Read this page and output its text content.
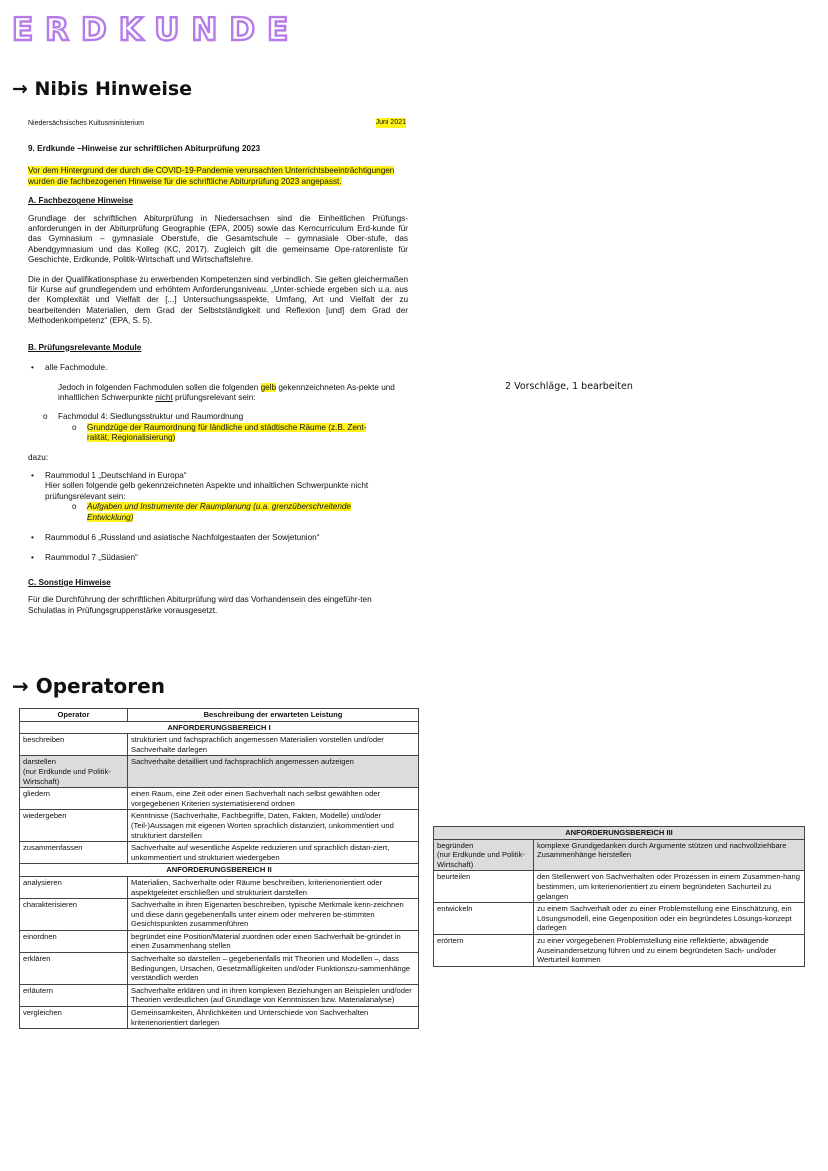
ERDKUNDE
→ Nibis Hinweise
Niedersächsisches Kultusministerium	Juni 2021
9. Erdkunde –Hinweise zur schriftlichen Abiturprüfung 2023
Vor dem Hintergrund der durch die COVID-19-Pandemie verursachten Unterrichtsbeeinträchtigungen wurden die fachbezogenen Hinweise für die schriftliche Abiturprüfung 2023 angepasst.
A. Fachbezogene Hinweise
Grundlage der schriftlichen Abiturprüfung in Niedersachsen sind die Einheitlichen Prüfungs-anforderungen in der Abiturprüfung Geographie (EPA, 2005) sowie das Kerncurriculum Erd-kunde für das Gymnasium – gymnasiale Oberstufe, die Gesamtschule – gymnasiale Ober-stufe, das Abendgymnasium und das Kolleg (KC, 2017). Zugleich gilt die gemeinsame Ope-ratorenliste für Geschichte, Erdkunde, Politik-Wirtschaft und Wirtschaftslehre.
Die in der Qualifikationsphase zu erwerbenden Kompetenzen sind verbindlich. Sie gelten gleichermaßen für Kurse auf grundlegendem und erhöhtem Anforderungsniveau. „Unter-schiede ergeben sich u.a. aus der Komplexität und Vielfalt der [...] Untersuchungsaspekte, Umfang, Art und Vielfalt der zu bearbeitenden Materialien, dem Grad der Selbstständigkeit und Reflexion [und] dem Grad der Methodenkompetenz“ (EPA, S. 5).
B. Prüfungsrelevante Module
• alle Fachmodule.
Jedoch in folgenden Fachmodulen sollen die folgenden gelb gekennzeichneten As-pekte und inhaltlichen Schwerpunkte nicht prüfungsrelevant sein:
o Fachmodul 4: Siedlungsstruktur und Raumordnung
o Grundzüge der Raumordnung für ländliche und städtische Räume (z.B. Zent-ralität, Regionalisierung)
dazu:
• Raummodul 1 „Deutschland in Europa“
Hier sollen folgende gelb gekennzeichneten Aspekte und inhaltlichen Schwerpunkte nicht prüfungsrelevant sein:
o Aufgaben und Instrumente der Raumplanung (u.a. grenzüberschreitende Entwicklung)
• Raummodul 6 „Russland und asiatische Nachfolgestaaten der Sowjetunion“
• Raummodul 7 „Südasien“
C. Sonstige Hinweise
Für die Durchführung der schriftlichen Abiturprüfung wird das Vorhandensein des eingeführ-ten Schulatlas in Prüfungsgruppenstärke vorausgesetzt.
2 Vorschläge, 1 bearbeiten
→ Operatoren
Operator	Beschreibung der erwarteten Leistung
ANFORDERUNGSBEREICH I	
beschreiben	strukturiert und fachsprachlich angemessen Materialien vorstellen und/oder Sachverhalte darlegen
darstellen
(nur Erdkunde und Politik-Wirtschaft)	Sachverhalte detailliert und fachsprachlich angemessen aufzeigen
gliedern	einen Raum, eine Zeit oder einen Sachverhalt nach selbst gewählten oder vorgegebenen Kriterien systematisierend ordnen
wiedergeben	Kenntnisse (Sachverhalte, Fachbegriffe, Daten, Fakten, Modelle) und/oder (Teil-)Aussagen mit eigenen Worten sprachlich distanziert, unkommentiert und strukturiert darstellen
zusammenfassen	Sachverhalte auf wesentliche Aspekte reduzieren und sprachlich distan-ziert, unkommentiert und strukturiert wiedergeben
ANFORDERUNGSBEREICH II	
analysieren	Materialien, Sachverhalte oder Räume beschreiben, kriterienorientiert oder aspektgeleitet erschließen und strukturiert darstellen
charakterisieren	Sachverhalte in ihren Eigenarten beschreiben, typische Merkmale kenn-zeichnen und diese dann gegebenenfalls unter einem oder mehreren be-stimmten Gesichtspunkten zusammenführen
einordnen	begründet eine Position/Material zuordnen oder einen Sachverhalt be-gründet in einen Zusammenhang stellen
erklären	Sachverhalte so darstellen – gegebenenfalls mit Theorien und Modellen –, dass Bedingungen, Ursachen, Gesetzmäßigkeiten und/oder Funktionszu-sammenhänge verständlich werden
erläutern	Sachverhalte erklären und in ihren komplexen Beziehungen an Beispielen und/oder Theorien verdeutlichen (auf Grundlage von Kenntnissen bzw. Materialanalyse)
vergleichen	Gemeinsamkeiten, Ähnlichkeiten und Unterschiede von Sachverhalten kriterienorientiert darlegen
ANFORDERUNGSBEREICH III	
begründen
(nur Erdkunde und Politik-Wirtschaft)	komplexe Grundgedanken durch Argumente stützen und nachvollziehbare Zusammenhänge herstellen
beurteilen	den Stellenwert von Sachverhalten oder Prozessen in einem Zusammen-hang bestimmen, um kriterienorientiert zu einem begründeten Sachurteil zu gelangen
entwickeln	zu einem Sachverhalt oder zu einer Problemstellung eine Einschätzung, ein Lösungsmodell, eine Gegenposition oder ein begründetes Lösungs-konzept darlegen
erörtern	zu einer vorgegebenen Problemstellung eine reflektierte, abwägende Auseinandersetzung führen und zu einem begründeten Sach- und/oder Werturteil kommen
